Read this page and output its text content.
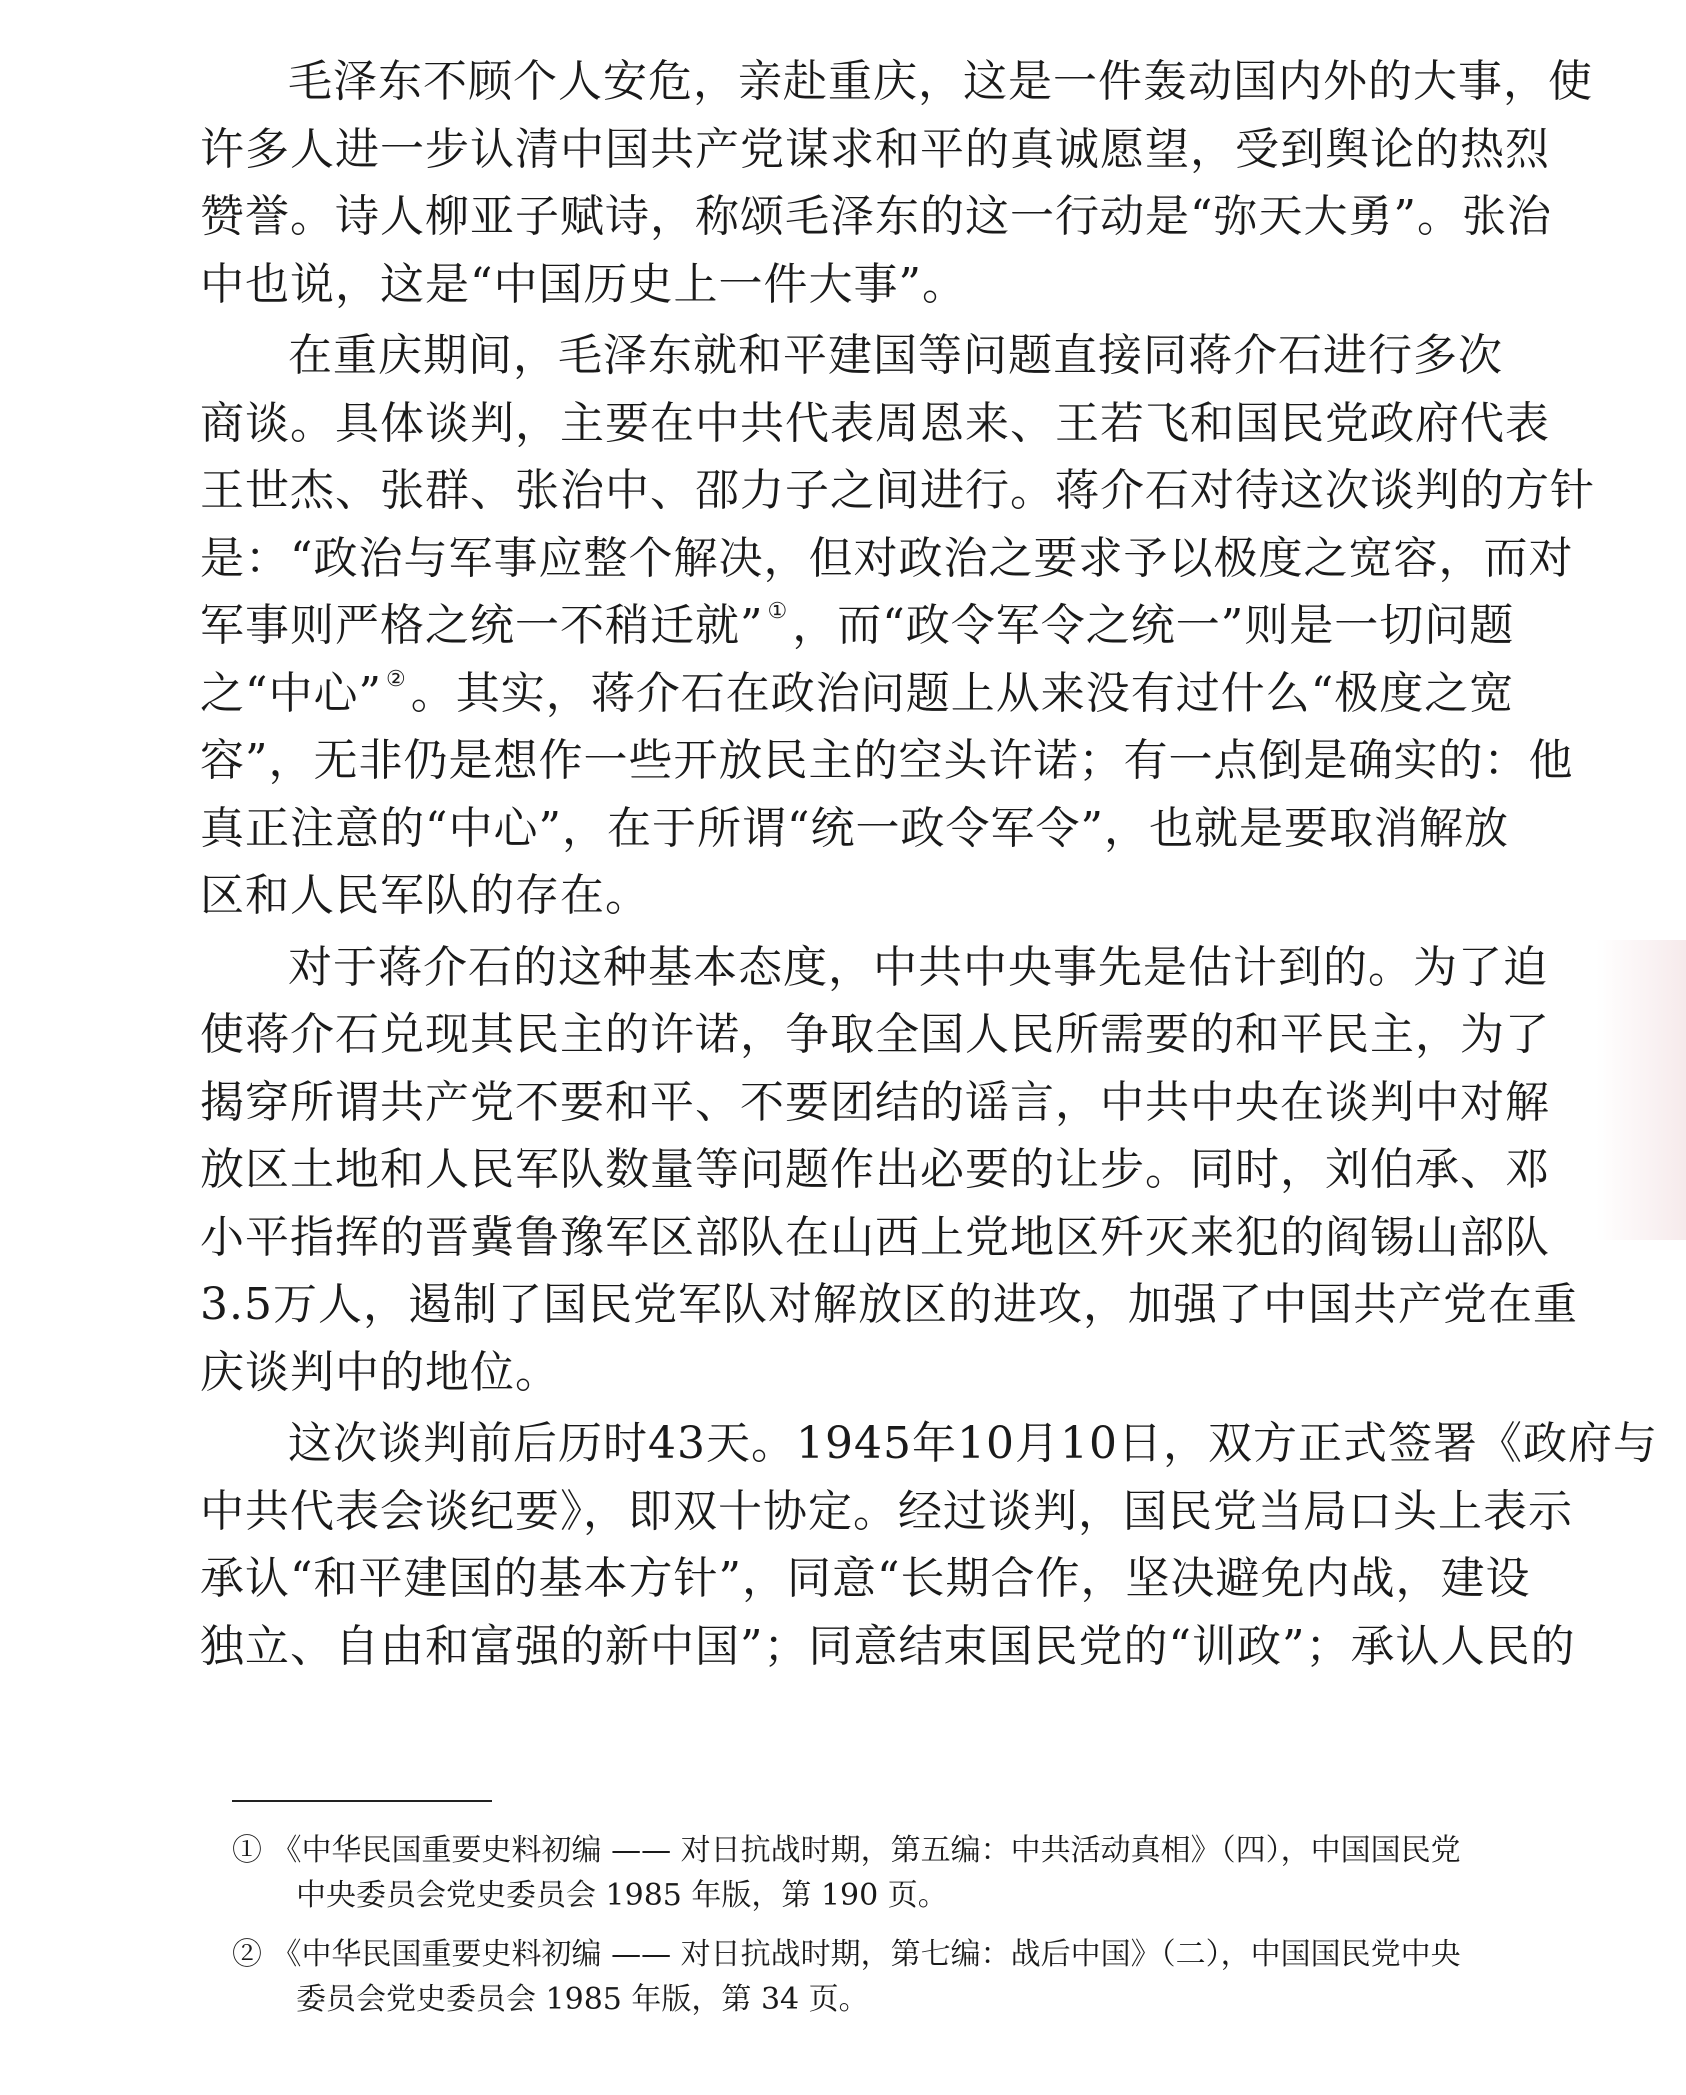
毛泽东不顾个人安危，亲赴重庆，这是一件轰动国内外的大事，使
许多人进一步认清中国共产党谋求和平的真诚愿望，受到舆论的热烈
赞誉。诗人柳亚子赋诗，称颂毛泽东的这一行动是“弥天大勇”。张治
中也说，这是“中国历史上一件大事”。

在重庆期间，毛泽东就和平建国等问题直接同蒋介石进行多次
商谈。具体谈判，主要在中共代表周恩来、王若飞和国民党政府代表
王世杰、张群、张治中、邵力子之间进行。蒋介石对待这次谈判的方针
是：“政治与军事应整个解决，但对政治之要求予以极度之宽容，而对
军事则严格之统一不稍迁就” ①，而“政令军令之统一”则是一切问题
之“中心” ②。其实，蒋介石在政治问题上从来没有过什么“极度之宽
容”，无非仍是想作一些开放民主的空头许诺；有一点倒是确实的：他
真正注意的“中心”，在于所谓“统一政令军令”，也就是要取消解放
区和人民军队的存在。

对于蒋介石的这种基本态度，中共中央事先是估计到的。为了迫
使蒋介石兑现其民主的许诺，争取全国人民所需要的和平民主，为了
揭穿所谓共产党不要和平、不要团结的谣言，中共中央在谈判中对解
放区土地和人民军队数量等问题作出必要的让步。同时，刘伯承、邓
小平指挥的晋冀鲁豫军区部队在山西上党地区歼灭来犯的阎锡山部队
3.5万人，遏制了国民党军队对解放区的进攻，加强了中国共产党在重
庆谈判中的地位。

这次谈判前后历时43天。1945年10月10日，双方正式签署《政府与
中共代表会谈纪要》，即双十协定。经过谈判，国民党当局口头上表示
承认“和平建国的基本方针”，同意“长期合作，坚决避免内战，建设
独立、自由和富强的新中国”；同意结束国民党的“训政”；承认人民的

① 《中华民国重要史料初编 —— 对日抗战时期，第五编：中共活动真相》（四），中国国民党
中央委员会党史委员会 1985 年版，第 190 页。

② 《中华民国重要史料初编 —— 对日抗战时期，第七编：战后中国》（二），中国国民党中央
委员会党史委员会 1985 年版，第 34 页。
